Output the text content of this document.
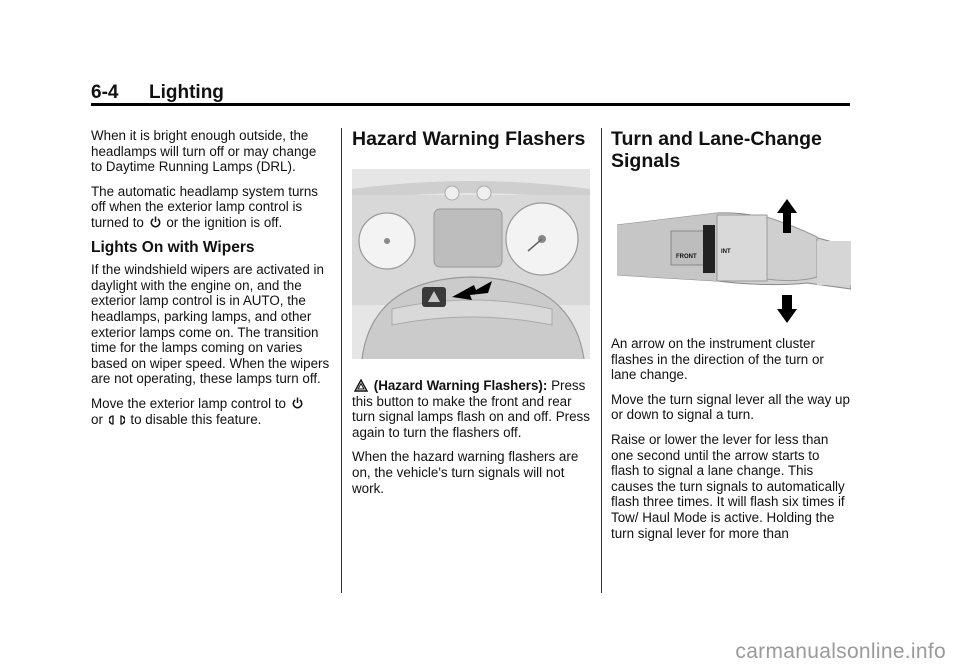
6-4 Lighting

When it is bright enough outside, the headlamps will turn off or may change to Daytime Running Lamps (DRL).

The automatic headlamp system turns off when the exterior lamp control is turned to or the ignition is off.

Lights On with Wipers

If the windshield wipers are activated in daylight with the engine on, and the exterior lamp control is in AUTO, the headlamps, parking lamps, and other exterior lamps come on. The transition time for the lamps coming on varies based on wiper speed. When the wipers are not operating, these lamps turn off.

Move the exterior lamp control to
or to disable this feature.

Hazard Warning Flashers

(Hazard Warning Flashers): Press this button to make the front and rear turn signal lamps flash on and off. Press again to turn the flashers off.

When the hazard warning flashers are on, the vehicle's turn signals will not work.

Turn and Lane-Change Signals
FRONT
INT

An arrow on the instrument cluster flashes in the direction of the turn or lane change.

Move the turn signal lever all the way up or down to signal a turn.

Raise or lower the lever for less than one second until the arrow starts to flash to signal a lane change. This causes the turn signals to automatically flash three times. It will flash six times if Tow/ Haul Mode is active. Holding the turn signal lever for more than

carmanualsonline.info
